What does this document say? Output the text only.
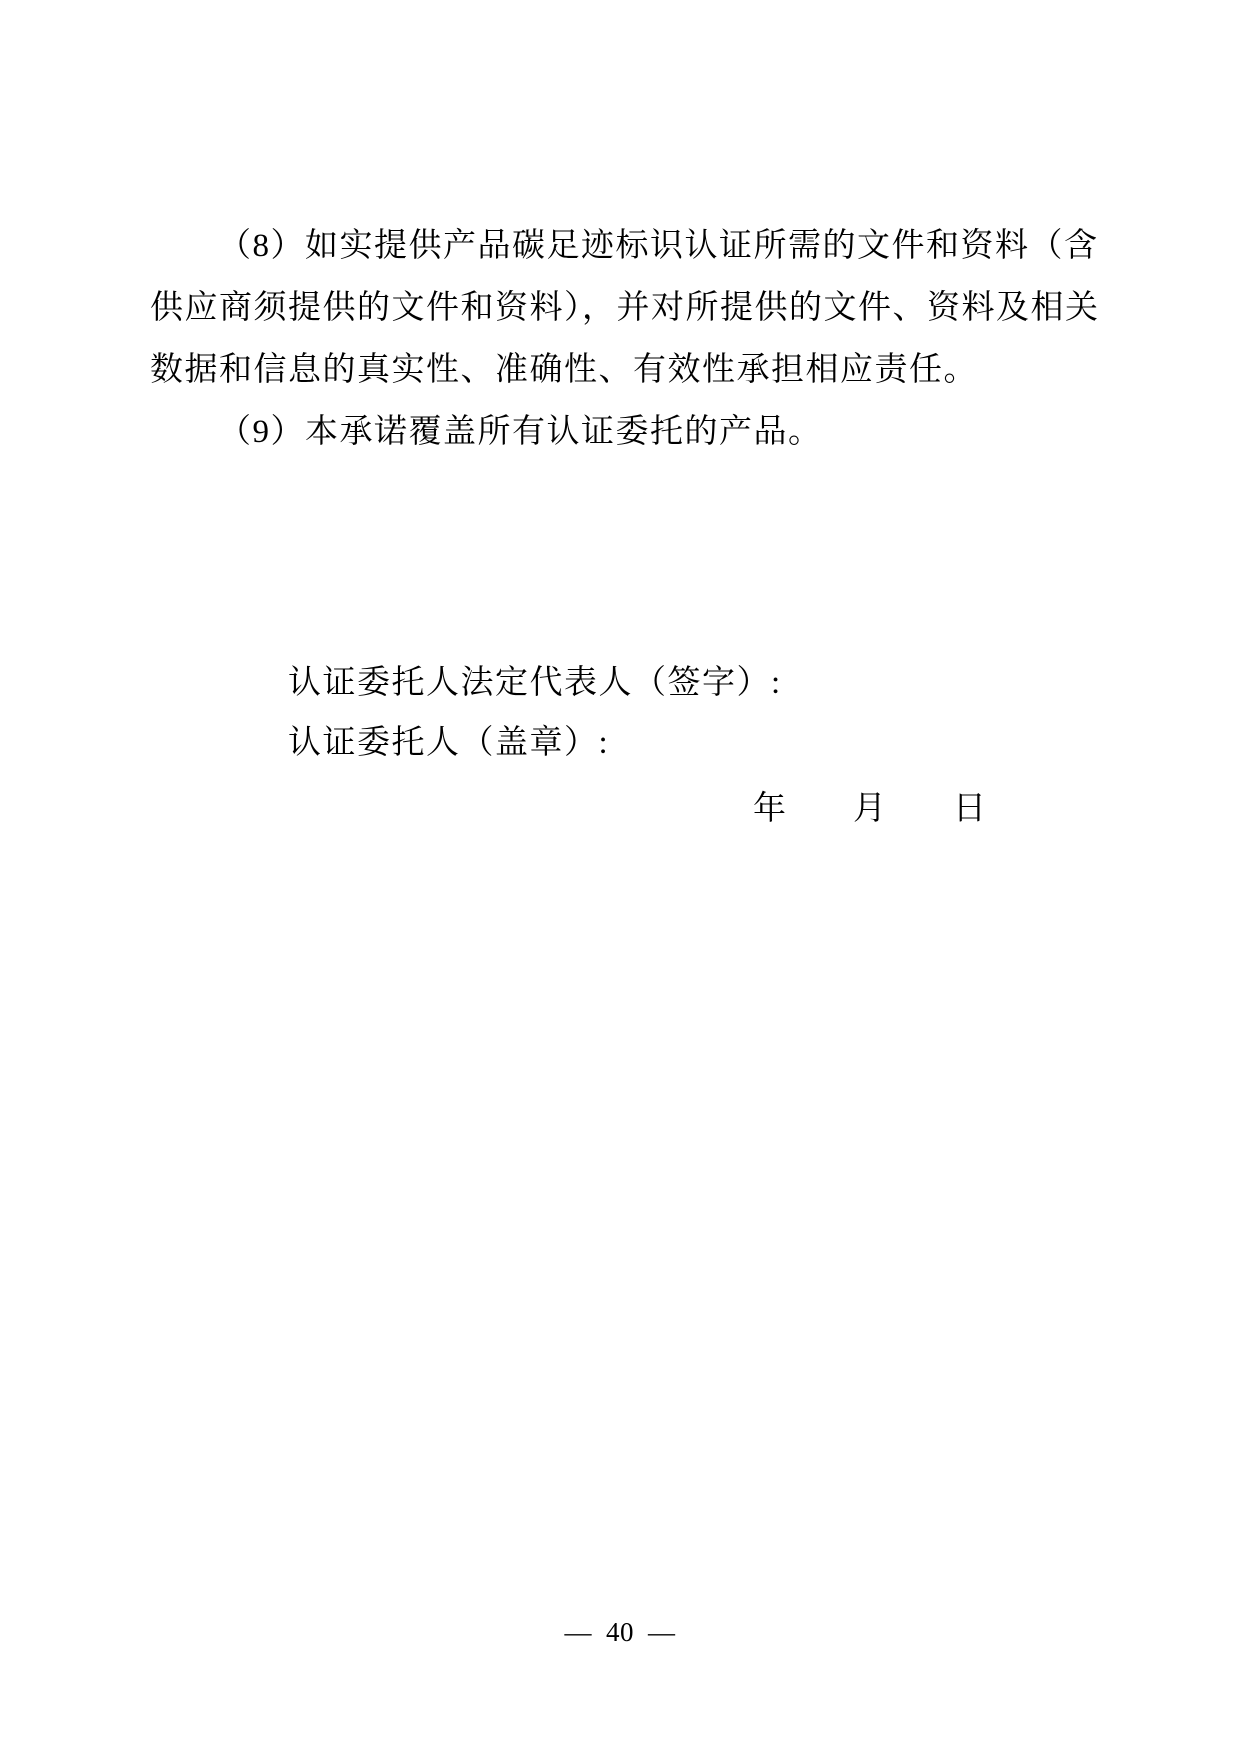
（8）如实提供产品碳足迹标识认证所需的文件和资料（含
供应商须提供的文件和资料），并对所提供的文件、资料及相关
数据和信息的真实性、准确性、有效性承担相应责任。
（9）本承诺覆盖所有认证委托的产品。
认证委托人法定代表人（签字）:
认证委托人（盖章）:
年 月 日
— 40 —
